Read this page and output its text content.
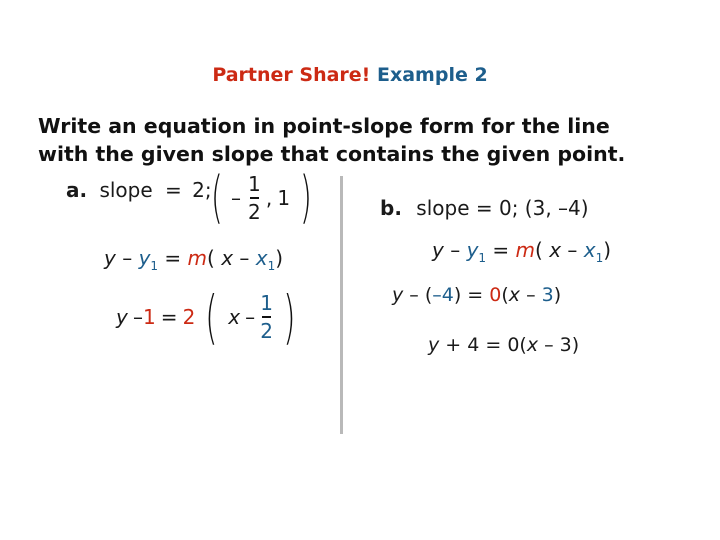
Partner Share! Example 2
Write an equation in point-slope form for the line
with the given slope that contains the given point.
a. slope = 2; ( – $\frac{1}{2}$ , 1 )
$y - y_1 = m$( x – $x_1$)
y –1 = 2 ( x – $\frac{1}{2}$ )
b. slope = 0; (3, –4)
$y - y_1 = m$( x – $x_1$)
y – (–4) = 0(x – 3)
y + 4 = 0(x – 3)
